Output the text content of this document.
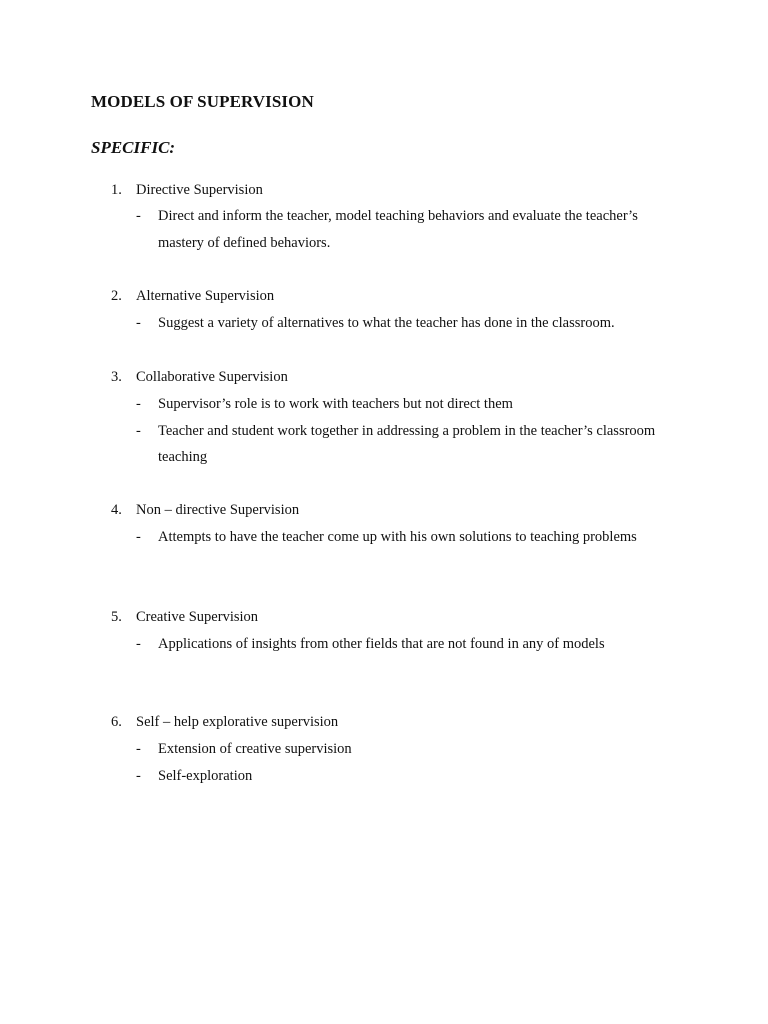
MODELS OF SUPERVISION
SPECIFIC:
1. Directive Supervision
- Direct and inform the teacher, model teaching behaviors and evaluate the teacher’s
mastery of defined behaviors.
2. Alternative Supervision
- Suggest a variety of alternatives to what the teacher has done in the classroom.
3. Collaborative Supervision
- Supervisor’s role is to work with teachers but not direct them
- Teacher and student work together in addressing a problem in the teacher’s classroom
teaching
4. Non – directive Supervision
- Attempts to have the teacher come up with his own solutions to teaching problems
5. Creative Supervision
- Applications of insights from other fields that are not found in any of models
6. Self – help explorative supervision
- Extension of creative supervision
- Self-exploration
